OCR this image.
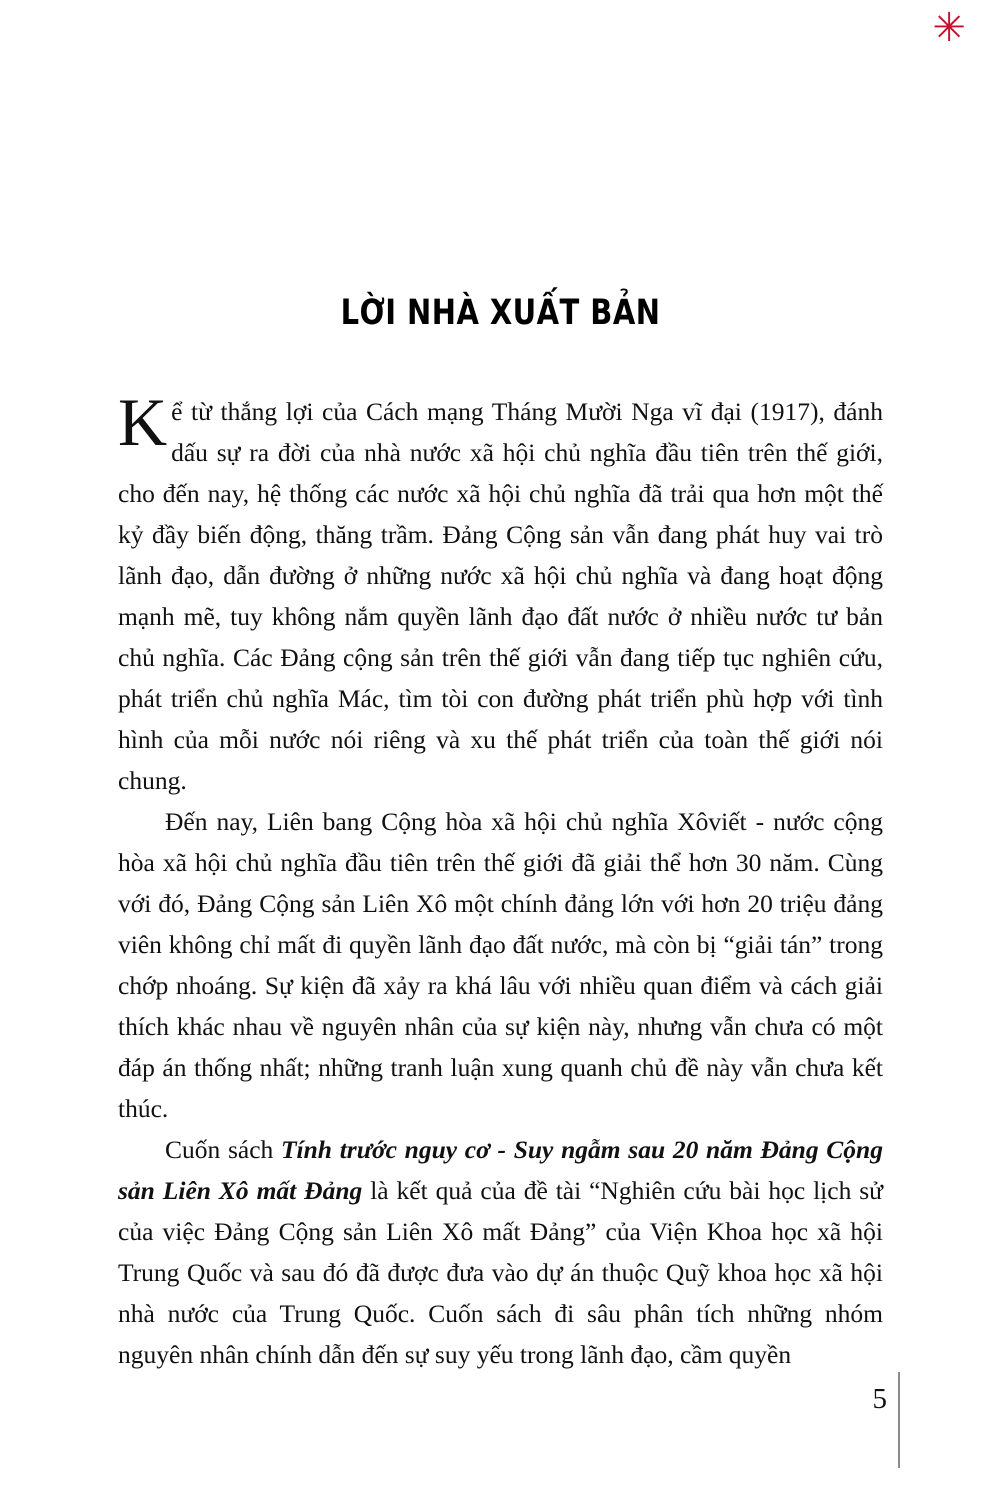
✳
LỜI NHÀ XUẤT BẢN

Kể từ thắng lợi của Cách mạng Tháng Mười Nga vĩ đại (1917), đánh dấu sự ra đời của nhà nước xã hội chủ nghĩa đầu tiên trên thế giới, cho đến nay, hệ thống các nước xã hội chủ nghĩa đã trải qua hơn một thế kỷ đầy biến động, thăng trầm. Đảng Cộng sản vẫn đang phát huy vai trò lãnh đạo, dẫn đường ở những nước xã hội chủ nghĩa và đang hoạt động mạnh mẽ, tuy không nắm quyền lãnh đạo đất nước ở nhiều nước tư bản chủ nghĩa. Các Đảng cộng sản trên thế giới vẫn đang tiếp tục nghiên cứu, phát triển chủ nghĩa Mác, tìm tòi con đường phát triển phù hợp với tình hình của mỗi nước nói riêng và xu thế phát triển của toàn thế giới nói chung.

Đến nay, Liên bang Cộng hòa xã hội chủ nghĩa Xôviết - nước cộng hòa xã hội chủ nghĩa đầu tiên trên thế giới đã giải thể hơn 30 năm. Cùng với đó, Đảng Cộng sản Liên Xô một chính đảng lớn với hơn 20 triệu đảng viên không chỉ mất đi quyền lãnh đạo đất nước, mà còn bị “giải tán” trong chớp nhoáng. Sự kiện đã xảy ra khá lâu với nhiều quan điểm và cách giải thích khác nhau về nguyên nhân của sự kiện này, nhưng vẫn chưa có một đáp án thống nhất; những tranh luận xung quanh chủ đề này vẫn chưa kết thúc.

Cuốn sách Tính trước nguy cơ - Suy ngẫm sau 20 năm Đảng Cộng sản Liên Xô mất Đảng là kết quả của đề tài “Nghiên cứu bài học lịch sử của việc Đảng Cộng sản Liên Xô mất Đảng” của Viện Khoa học xã hội Trung Quốc và sau đó đã được đưa vào dự án thuộc Quỹ khoa học xã hội nhà nước của Trung Quốc. Cuốn sách đi sâu phân tích những nhóm nguyên nhân chính dẫn đến sự suy yếu trong lãnh đạo, cầm quyền

5
